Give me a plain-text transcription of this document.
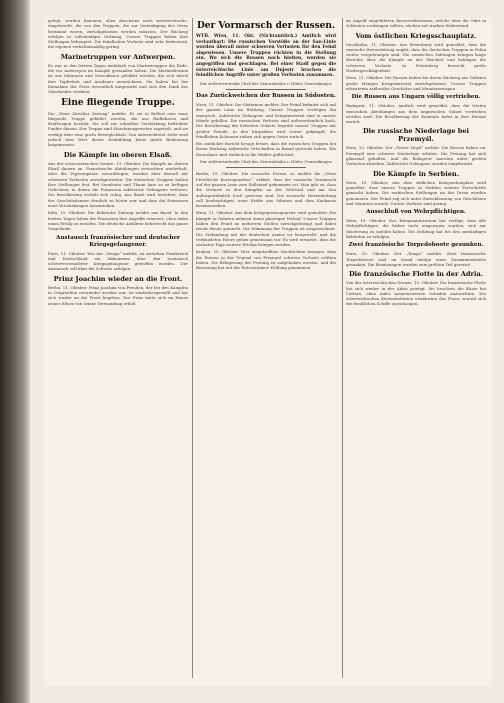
gelegt, werden Kanonen, allen Anscheine nach österreichische, eingebracht, die von den Truppen, die zur Verteidigung des Ortes bestimmt waren, zurückgelassen werden mussten. Der Rückzug erfolgte in vollständiger Ordnung. Unsere Truppen haben ihre Stellungen behauptet. Die feindlichen Verluste sind sehr bedeutend, die eigenen verhältnismäßig gering.

Marinetruppen vor Antwerpen.

Es war in den letzten Tagen mehrfach von Marinetruppen die Rede, die vor Antwerpen im Kampfe gestanden haben. Die Marinedivision ist aus Matrosen und Seesoldaten gebildet worden, die sich durch ihre Tapferkeit und Ausdauer auszeichnen. Sie haben bei der Einnahme der Forts wesentlich mitgewirkt und sich den Dank des Vaterlandes verdient.

Eine fliegende Truppe.

Die „Neue Züricher Zeitung“ meldet: Es sei in Belfort eine neue fliegende Truppe gebildet worden, die aus Radfahrern und Kraftwagen besteht. Sie soll zur schnellen Verstärkung bedrohter Punkte dienen. Der Truppe sind Maschinengewehre zugeteilt, und sie verfügt über eine große Beweglichkeit. Von unterrichteter Seite wird jedoch dem Wert dieser Neubildung keine große Bedeutung beigemessen.

Die Kämpfe im oberen Elsaß.

Aus der schweizerischen Grenze, 11. Oktober. Die Kämpfe im oberen Elsaß dauern an. Französische Abteilungen versuchten wiederholt, über die Vogesenpässe vorzudringen, wurden aber überall mit schweren Verlusten zurückgeworfen. Die deutschen Truppen halten ihre Stellungen fest. Bei Sennheim und Thann kam es zu heftigen Gefechten, in denen die Franzosen zahlreiche Gefangene verloren. Die Bevölkerung verhält sich ruhig. Aus Basel wird berichtet, dass der Geschützdonner deutlich zu hören war und dass die Franzosen neue Verstärkungen heranziehen.

Köln, 10. Oktober. Die Kölnische Zeitung meldet aus Basel: In den letzten Tagen haben die Franzosen ihre Angriffe erneuert, ohne indes einen Erfolg zu erzielen. Die deutsche Artillerie beherrscht das ganze Vorgelände.

Austausch französischer und deutscher Kriegsgefangener.

Paris, 11. Oktober. Wie der „Temps“ meldet, ist zwischen Frankreich und Deutschland ein Abkommen über den Austausch schwerverwundeter Kriegsgefangener getroffen worden. Der Austausch soll über die Schweiz erfolgen.

Prinz Joachim wieder an die Front.

Berlin, 11. Oktober. Prinz Joachim von Preußen, der bei den Kämpfen in Ostpreußen verwundet worden war, ist wiederhergestellt und hat sich wieder an die Front begeben. Der Prinz hatte sich im Hause seiner Eltern von seiner Verwundung erholt.

Der Vormarsch der Russen.

WTB. Wien, 11. Okt. (Nichtamtlich.) Amtlich wird verlautbart: Die russischen Vorstöße an der San-Linie wurden überall unter schweren Verlusten für den Feind abgewiesen. Unsere Truppen rückten in die Stellung ein. Wo sich die Russen noch hielten, wurden sie angegriffen und geschlagen. Bei einer Stadt gegen die österreichische Linie am Dnjestr brachen die feindlichen Angriffe unter großen Verlusten zusammen.

Der stellvertretende Chef des Generalstabs v. Höfer, Generalmajor.

Das Zurückweichen der Russen in Südosten.

Wien, 11. Oktober. Die Südarmee meldet: Der Feind befindet sich auf der ganzen Linie im Rückzug. Unsere Truppen verfolgen ihn energisch. Zahlreiche Gefangene und Kriegsmaterial sind in unsere Hände gefallen. Die russischen Verluste sind außerordentlich hoch. Die Bevölkerung der befreiten Gebiete begrüßt unsere Truppen mit großer Freude. In den Karpathen wird weiter gekämpft; die feindlichen Kolonnen ziehen sich gegen Osten zurück.

Ein amtlicher Bericht besagt ferner, dass die russischen Truppen bei ihrem Rückzug zahlreiche Ortschaften in Brand gesteckt haben. Die Einwohner sind vielfach in die Wälder geflüchtet.

Der stellvertretende Chef des Generalstabs v. Höfer, Generalmajor.

Berlin, 10. Oktober. Die russische Presse, so meldet die „Neue Preußische Korrespondenz“, erklärt, dass der russische Vormarsch auf der ganzen Linie zum Stillstand gekommen sei. Man gibt zu, dass die Verluste in den Kämpfen an der Weichsel und am San außergewöhnlich hoch gewesen sind. Die russische Heeresleitung soll beabsichtigen, neue Kräfte aus Sibirien und dem Kaukasus heranzuziehen.

Wien, 11. Oktober. Aus dem Kriegspressequartier wird gemeldet: Die Kämpfe in Galizien nehmen einen günstigen Verlauf. Unsere Truppen haben den Feind an mehreren Stellen zurückgedrängt und dabei reiche Beute gemacht. Die Stimmung der Truppen ist ausgezeichnet. Die Verbindung mit der deutschen Armee ist hergestellt, und die verbündeten Heere gehen gemeinsam vor. Es wird erwartet, dass die nächsten Tage weitere Erfolge bringen werden.

Krakau, 10. Oktober. Hier eingetroffene Nachrichten besagen, dass die Russen in der Gegend von Przemysl schwere Verluste erlitten haben. Die Belagerung der Festung ist aufgehoben worden, und die Besatzung hat mit der Entsatzarmee Fühlung genommen.

im Angriff eingeführten Reservedivisionen, welche über die Oder in Schlesien vordringen sollten, stießen auf starken Widerstand.

Vom östlichen Kriegsschauplatz.

Stockholm, 11. Oktober. Aus Petersburg wird gemeldet, dass die russische Heeresleitung zugibt, dass die deutschen Truppen in Polen weiter vorgedrungen sind. Die russischen Zeitungen bringen lange Berichte über die Kämpfe an der Weichsel und beklagen die schweren Verluste. In Petersburg herrscht große Niedergeschlagenheit.

Wien, 11. Oktober. Die Russen haben bei ihrem Rückzug aus Galizien große Mengen Kriegsmaterial zurückgelassen. Unsere Truppen erbeuteten zahlreiche Geschütze und Munitionswagen.

Die Russen aus Ungarn völlig vertrieben.

Budapest, 11. Oktober. Amtlich wird gemeldet, dass die letzten russischen Abteilungen aus dem ungarischen Gebiet vertrieben worden sind. Die Bevölkerung der Komitate kehrt in ihre Heimat zurück.

Die russische Niederlage bei Przemyśl.

Wien, 10. Oktober. Der „Pester Lloyd“ meldet: Die Russen haben vor Przemyśl eine schwere Niederlage erlitten. Die Festung hat sich glänzend gehalten, und die Belagerer mussten unter großen Verlusten abziehen. Zahlreiche Gefangene wurden eingebracht.

Die Kämpfe in Serbien.

Wien, 10. Oktober. Aus dem südlichen Kriegsschauplatz wird gemeldet, dass unsere Truppen in Serbien weitere Fortschritte gemacht haben. Die serbischen Stellungen an der Drina wurden genommen. Der Feind zog sich unter Zurücklassung von Geschützen und Munition zurück. Unsere Verluste sind gering.

Ausschluß von Wehrpflichtigen.

Wien, 10. Oktober. Das Kriegsministerium hat verfügt, dass alle Wehrpflichtigen, die bisher nicht eingezogen wurden, sich zur Musterung zu melden haben. Die Meldung hat bei den zuständigen Behörden zu erfolgen.

Zwei französische Torpedoboote gesunken.

Paris, 10. Oktober. Der „Temps“ meldet: Zwei französische Torpedoboote sind im Kanal infolge eines Zusammenstoßes gesunken. Die Besatzungen wurden zum größten Teil gerettet.

Die französische Flotte in der Adria.

Von der österreichischen Grenze, 10. Oktober. Die französische Flotte hat sich wieder in der Adria gezeigt. Sie beschoss die Küste bei Cattaro, ohne indes nennenswerten Schaden anzurichten. Die österreichischen Küstenbatterien erwiderten das Feuer, worauf sich die feindlichen Schiffe zurückzogen.
